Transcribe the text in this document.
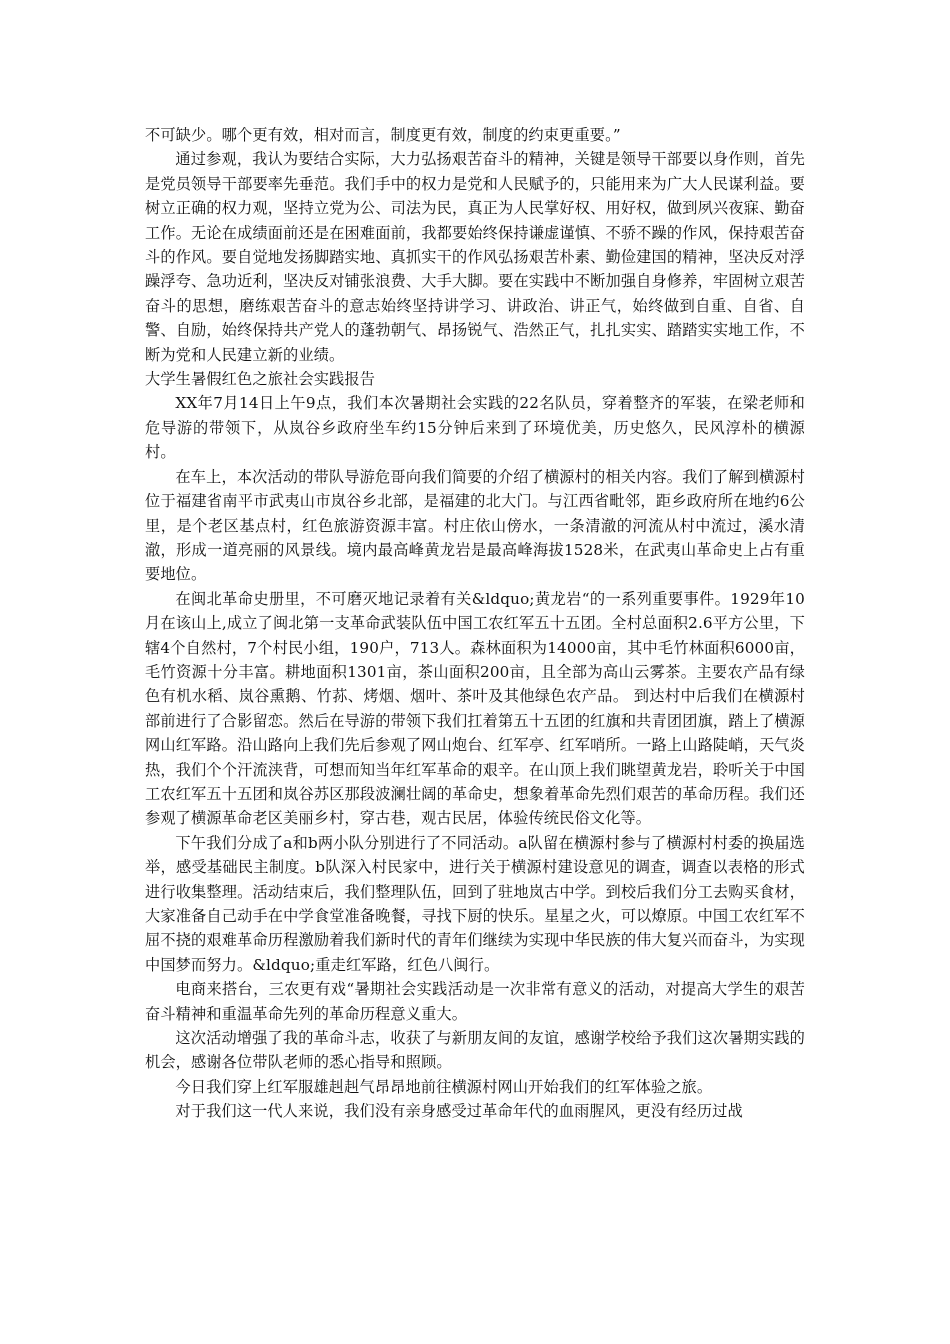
不可缺少。哪个更有效，相对而言，制度更有效，制度的约束更重要。”

通过参观，我认为要结合实际，大力弘扬艰苦奋斗的精神，关键是领导干部要以身作则，首先是党员领导干部要率先垂范。我们手中的权力是党和人民赋予的，只能用来为广大人民谋利益。要树立正确的权力观，坚持立党为公、司法为民，真正为人民掌好权、用好权，做到夙兴夜寐、勤奋工作。无论在成绩面前还是在困难面前，我都要始终保持谦虚谨慎、不骄不躁的作风，保持艰苦奋斗的作风。要自觉地发扬脚踏实地、真抓实干的作风弘扬艰苦朴素、勤俭建国的精神，坚决反对浮躁浮夸、急功近利，坚决反对铺张浪费、大手大脚。要在实践中不断加强自身修养，牢固树立艰苦奋斗的思想，磨练艰苦奋斗的意志始终坚持讲学习、讲政治、讲正气，始终做到自重、自省、自警、自励，始终保持共产党人的蓬勃朝气、昂扬锐气、浩然正气，扎扎实实、踏踏实实地工作，不断为党和人民建立新的业绩。

大学生暑假红色之旅社会实践报告

XX年7月14日上午9点，我们本次暑期社会实践的22名队员，穿着整齐的军装，在梁老师和危导游的带领下，从岚谷乡政府坐车约15分钟后来到了环境优美，历史悠久，民风淳朴的横源村。

在车上，本次活动的带队导游危哥向我们简要的介绍了横源村的相关内容。我们了解到横源村位于福建省南平市武夷山市岚谷乡北部，是福建的北大门。与江西省毗邻，距乡政府所在地约6公里，是个老区基点村，红色旅游资源丰富。村庄依山傍水，一条清澈的河流从村中流过，溪水清澈，形成一道亮丽的风景线。境内最高峰黄龙岩是最高峰海拔1528米，在武夷山革命史上占有重要地位。

在闽北革命史册里，不可磨灭地记录着有关&ldquo;黄龙岩“的一系列重要事件。1929年10月在该山上,成立了闽北第一支革命武装队伍中国工农红军五十五团。全村总面积2.6平方公里，下辖4个自然村，7个村民小组，190户，713人。森林面积为14000亩，其中毛竹林面积6000亩，毛竹资源十分丰富。耕地面积1301亩，茶山面积200亩，且全部为高山云雾茶。主要农产品有绿色有机水稻、岚谷熏鹅、竹荪、烤烟、烟叶、茶叶及其他绿色农产品。 到达村中后我们在横源村部前进行了合影留恋。然后在导游的带领下我们扛着第五十五团的红旗和共青团团旗，踏上了横源网山红军路。沿山路向上我们先后参观了网山炮台、红军亭、红军哨所。一路上山路陡峭，天气炎热，我们个个汗流浃背，可想而知当年红军革命的艰辛。在山顶上我们眺望黄龙岩，聆听关于中国工农红军五十五团和岚谷苏区那段波澜壮阔的革命史，想象着革命先烈们艰苦的革命历程。我们还参观了横源革命老区美丽乡村，穿古巷，观古民居，体验传统民俗文化等。

下午我们分成了a和b两小队分别进行了不同活动。a队留在横源村参与了横源村村委的换届选举，感受基础民主制度。b队深入村民家中，进行关于横源村建设意见的调查，调查以表格的形式进行收集整理。活动结束后，我们整理队伍，回到了驻地岚古中学。到校后我们分工去购买食材，大家准备自己动手在中学食堂准备晚餐，寻找下厨的快乐。星星之火，可以燎原。中国工农红军不屈不挠的艰难革命历程激励着我们新时代的青年们继续为实现中华民族的伟大复兴而奋斗，为实现中国梦而努力。&ldquo;重走红军路，红色八闽行。

电商来搭台，三农更有戏“暑期社会实践活动是一次非常有意义的活动，对提高大学生的艰苦奋斗精神和重温革命先列的革命历程意义重大。

这次活动增强了我的革命斗志，收获了与新朋友间的友谊，感谢学校给予我们这次暑期实践的机会，感谢各位带队老师的悉心指导和照顾。

今日我们穿上红军服雄赳赳气昂昂地前往横源村网山开始我们的红军体验之旅。

对于我们这一代人来说，我们没有亲身感受过革命年代的血雨腥风，更没有经历过战
